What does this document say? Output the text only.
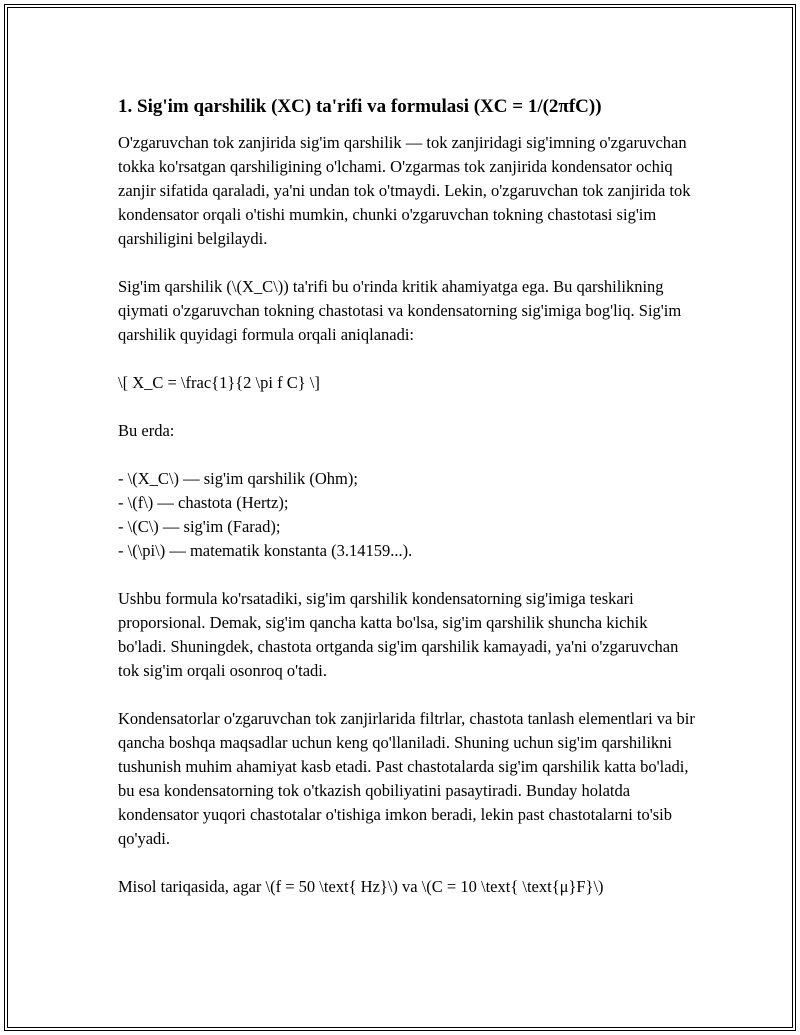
1. Sig'im qarshilik (XC) ta'rifi va formulasi (XC = 1/(2πfC))

O'zgaruvchan tok zanjirida sig'im qarshilik — tok zanjiridagi sig'imning o'zgaruvchan tokka ko'rsatgan qarshiligining o'lchami. O'zgarmas tok zanjirida kondensator ochiq zanjir sifatida qaraladi, ya'ni undan tok o'tmaydi. Lekin, o'zgaruvchan tok zanjirida tok kondensator orqali o'tishi mumkin, chunki o'zgaruvchan tokning chastotasi sig'im qarshiligini belgilaydi.

Sig'im qarshilik (\(X_C\)) ta'rifi bu o'rinda kritik ahamiyatga ega. Bu qarshilikning qiymati o'zgaruvchan tokning chastotasi va kondensatorning sig'imiga bog'liq. Sig'im qarshilik quyidagi formula orqali aniqlanadi:

\[ X_C = \frac{1}{2 \pi f C} \]

Bu erda:

- \(X_C\) — sig'im qarshilik (Ohm);
- \(f\) — chastota (Hertz);
- \(C\) — sig'im (Farad);
- \(\pi\) — matematik konstanta (3.14159...).

Ushbu formula ko'rsatadiki, sig'im qarshilik kondensatorning sig'imiga teskari proporsional. Demak, sig'im qancha katta bo'lsa, sig'im qarshilik shuncha kichik bo'ladi. Shuningdek, chastota ortganda sig'im qarshilik kamayadi, ya'ni o'zgaruvchan tok sig'im orqali osonroq o'tadi.

Kondensatorlar o'zgaruvchan tok zanjirlarida filtrlar, chastota tanlash elementlari va bir qancha boshqa maqsadlar uchun keng qo'llaniladi. Shuning uchun sig'im qarshilikni tushunish muhim ahamiyat kasb etadi. Past chastotalarda sig'im qarshilik katta bo'ladi, bu esa kondensatorning tok o'tkazish qobiliyatini pasaytiradi. Bunday holatda kondensator yuqori chastotalar o'tishiga imkon beradi, lekin past chastotalarni to'sib qo'yadi.

Misol tariqasida, agar \(f = 50 \text{ Hz}\) va \(C = 10 \text{ \text{μ}F}\)
